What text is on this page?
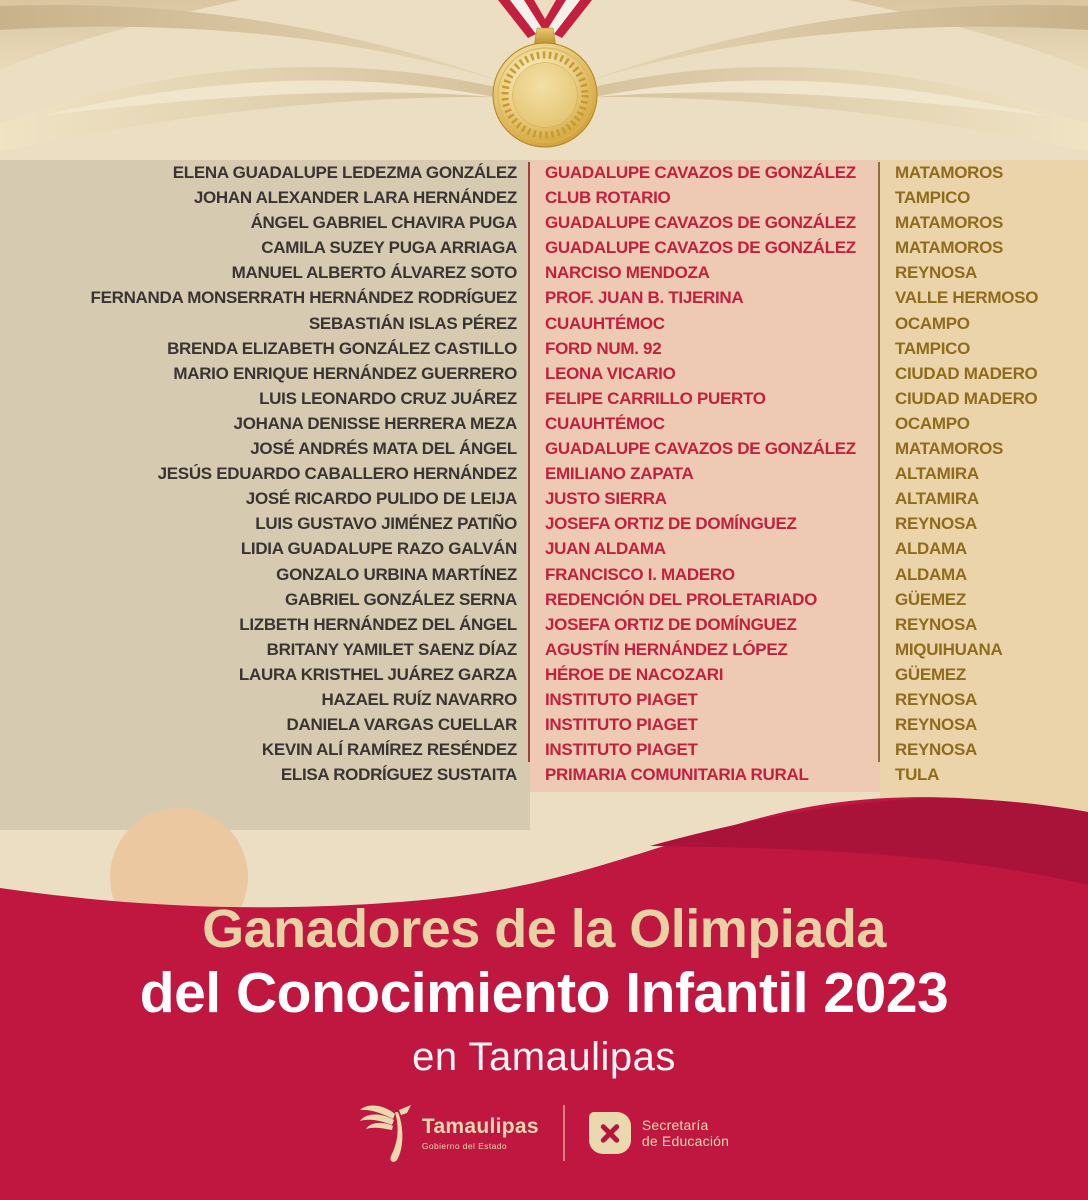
ELENA GUADALUPE LEDEZMA GONZÁLEZ	GUADALUPE CAVAZOS DE GONZÁLEZ	MATAMOROS
JOHAN ALEXANDER LARA HERNÁNDEZ	CLUB ROTARIO	TAMPICO
ÁNGEL GABRIEL CHAVIRA PUGA	GUADALUPE CAVAZOS DE GONZÁLEZ	MATAMOROS
CAMILA SUZEY PUGA ARRIAGA	GUADALUPE CAVAZOS DE GONZÁLEZ	MATAMOROS
MANUEL ALBERTO ÁLVAREZ SOTO	NARCISO MENDOZA	REYNOSA
FERNANDA MONSERRATH HERNÁNDEZ RODRÍGUEZ	PROF. JUAN B. TIJERINA	VALLE HERMOSO
SEBASTIÁN ISLAS PÉREZ	CUAUHTÉMOC	OCAMPO
BRENDA ELIZABETH GONZÁLEZ CASTILLO	FORD NUM. 92	TAMPICO
MARIO ENRIQUE HERNÁNDEZ GUERRERO	LEONA VICARIO	CIUDAD MADERO
LUIS LEONARDO CRUZ JUÁREZ	FELIPE CARRILLO PUERTO	CIUDAD MADERO
JOHANA DENISSE HERRERA MEZA	CUAUHTÉMOC	OCAMPO
JOSÉ ANDRÉS MATA DEL ÁNGEL	GUADALUPE CAVAZOS DE GONZÁLEZ	MATAMOROS
JESÚS EDUARDO CABALLERO HERNÁNDEZ	EMILIANO ZAPATA	ALTAMIRA
JOSÉ RICARDO PULIDO DE LEIJA	JUSTO SIERRA	ALTAMIRA
LUIS GUSTAVO JIMÉNEZ PATIÑO	JOSEFA ORTIZ DE DOMÍNGUEZ	REYNOSA
LIDIA GUADALUPE RAZO GALVÁN	JUAN ALDAMA	ALDAMA
GONZALO URBINA MARTÍNEZ	FRANCISCO I. MADERO	ALDAMA
GABRIEL GONZÁLEZ SERNA	REDENCIÓN DEL PROLETARIADO	GÜEMEZ
LIZBETH HERNÁNDEZ DEL ÁNGEL	JOSEFA ORTIZ DE DOMÍNGUEZ	REYNOSA
BRITANY YAMILET SAENZ DÍAZ	AGUSTÍN HERNÁNDEZ LÓPEZ	MIQUIHUANA
LAURA KRISTHEL JUÁREZ GARZA	HÉROE DE NACOZARI	GÜEMEZ
HAZAEL RUÍZ NAVARRO	INSTITUTO PIAGET	REYNOSA
DANIELA VARGAS CUELLAR	INSTITUTO PIAGET	REYNOSA
KEVIN ALÍ RAMÍREZ RESÉNDEZ	INSTITUTO PIAGET	REYNOSA
ELISA RODRÍGUEZ SUSTAITA	PRIMARIA COMUNITARIA RURAL	TULA
Ganadores de la Olimpiada
del Conocimiento Infantil 2023
en Tamaulipas
Tamaulipas
Gobierno del Estado
Secretaría
de Educación
